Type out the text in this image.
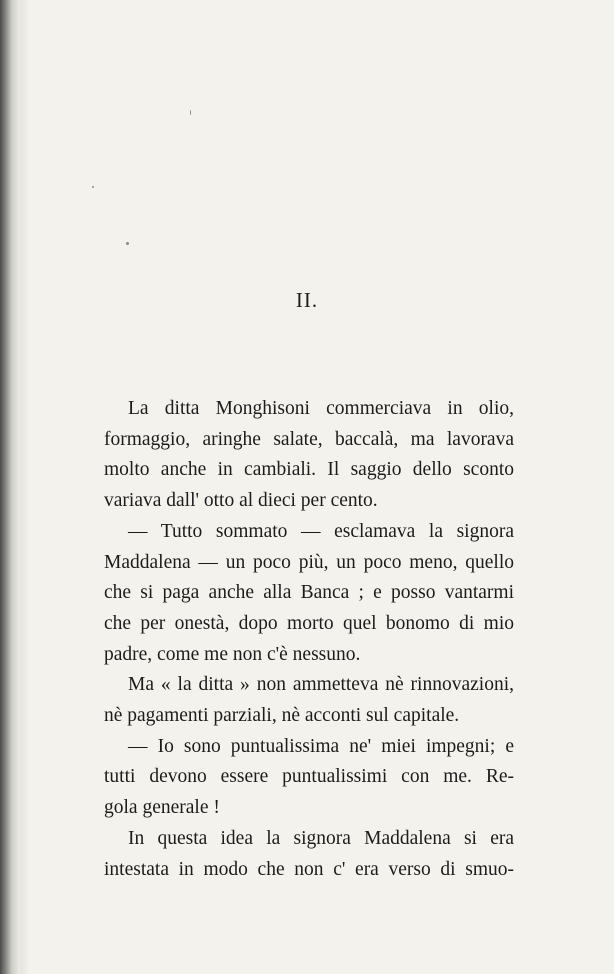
II.

La ditta Monghisoni commerciava in olio,
formaggio, aringhe salate, baccalà, ma lavorava
molto anche in cambiali. Il saggio dello sconto
variava dall' otto al dieci per cento.

— Tutto sommato — esclamava la signora
Maddalena — un poco più, un poco meno, quello
che si paga anche alla Banca ; e posso vantarmi
che per onestà, dopo morto quel bonomo di mio
padre, come me non c'è nessuno.

Ma « la ditta » non ammetteva nè rinnovazioni,
nè pagamenti parziali, nè acconti sul capitale.

— Io sono puntualissima ne' miei impegni; e
tutti devono essere puntualissimi con me. Re-
gola generale !

In questa idea la signora Maddalena si era
intestata in modo che non c' era verso di smuo-
